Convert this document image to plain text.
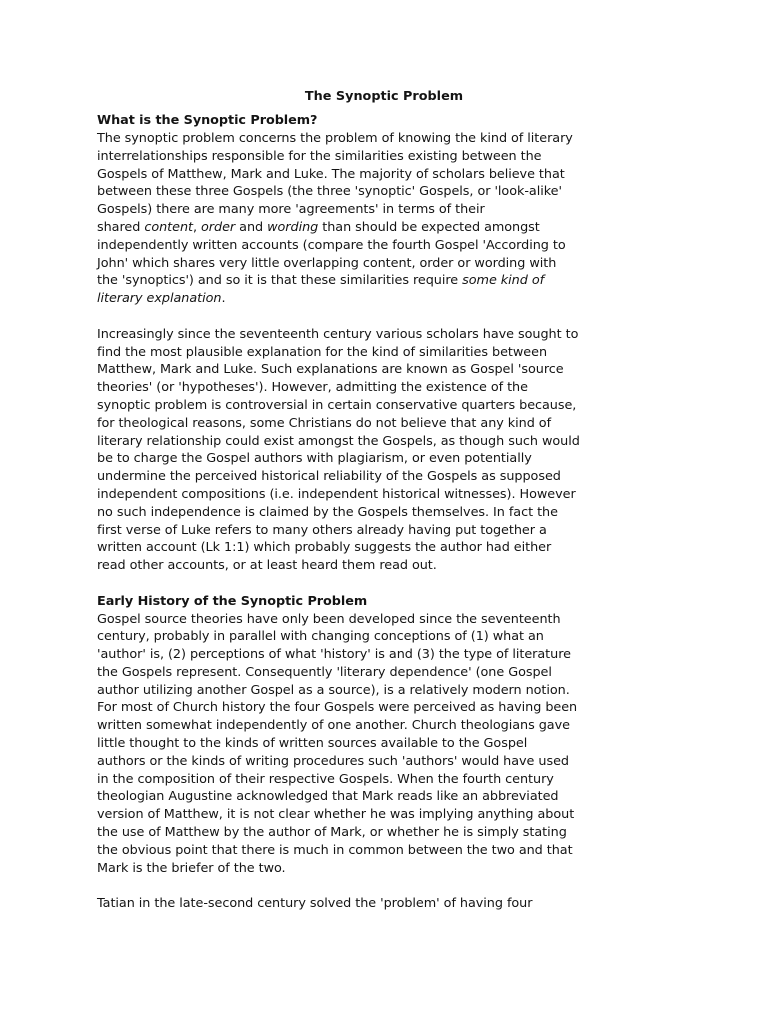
The Synoptic Problem
What is the Synoptic Problem?
The synoptic problem concerns the problem of knowing the kind of literary
interrelationships responsible for the similarities existing between the
Gospels of Matthew, Mark and Luke. The majority of scholars believe that
between these three Gospels (the three 'synoptic' Gospels, or 'look-alike'
Gospels) there are many more 'agreements' in terms of their
shared content, order and wording than should be expected amongst
independently written accounts (compare the fourth Gospel 'According to
John' which shares very little overlapping content, order or wording with
the 'synoptics') and so it is that these similarities require some kind of
literary explanation.
Increasingly since the seventeenth century various scholars have sought to
find the most plausible explanation for the kind of similarities between
Matthew, Mark and Luke. Such explanations are known as Gospel 'source
theories' (or 'hypotheses'). However, admitting the existence of the
synoptic problem is controversial in certain conservative quarters because,
for theological reasons, some Christians do not believe that any kind of
literary relationship could exist amongst the Gospels, as though such would
be to charge the Gospel authors with plagiarism, or even potentially
undermine the perceived historical reliability of the Gospels as supposed
independent compositions (i.e. independent historical witnesses). However
no such independence is claimed by the Gospels themselves. In fact the
first verse of Luke refers to many others already having put together a
written account (Lk 1:1) which probably suggests the author had either
read other accounts, or at least heard them read out.
Early History of the Synoptic Problem
Gospel source theories have only been developed since the seventeenth
century, probably in parallel with changing conceptions of (1) what an
'author' is, (2) perceptions of what 'history' is and (3) the type of literature
the Gospels represent. Consequently 'literary dependence' (one Gospel
author utilizing another Gospel as a source), is a relatively modern notion.
For most of Church history the four Gospels were perceived as having been
written somewhat independently of one another. Church theologians gave
little thought to the kinds of written sources available to the Gospel
authors or the kinds of writing procedures such 'authors' would have used
in the composition of their respective Gospels. When the fourth century
theologian Augustine acknowledged that Mark reads like an abbreviated
version of Matthew, it is not clear whether he was implying anything about
the use of Matthew by the author of Mark, or whether he is simply stating
the obvious point that there is much in common between the two and that
Mark is the briefer of the two.
Tatian in the late-second century solved the 'problem' of having four
